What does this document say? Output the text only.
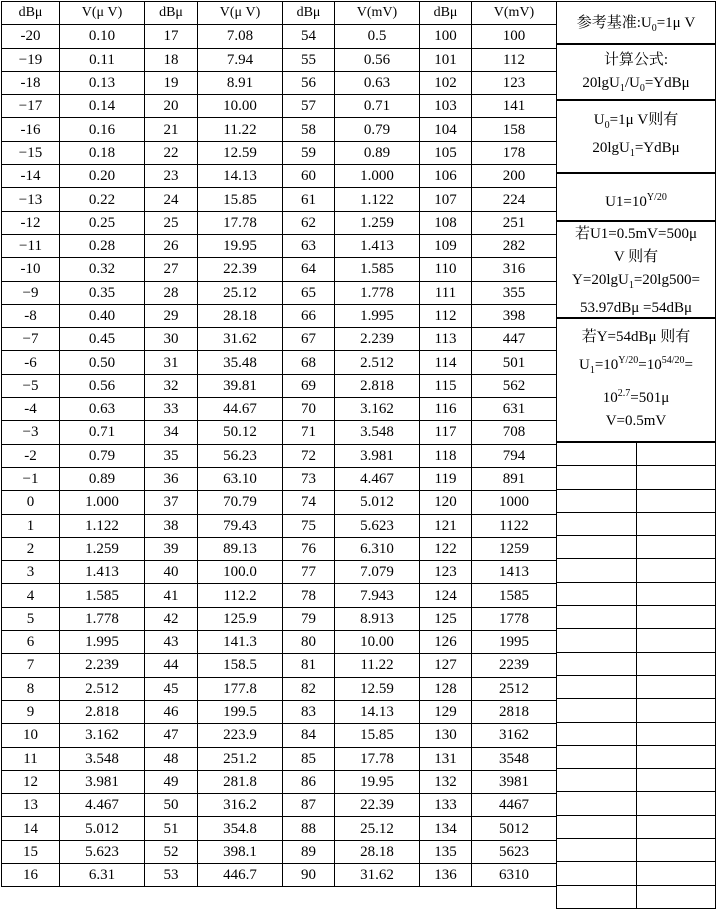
dBμ	V(μ V)	dBμ	V(μ V)	dBμ	V(mV)	dBμ	V(mV)
-20	0.10	17	7.08	54	0.5	100	100
−19	0.11	18	7.94	55	0.56	101	112
-18	0.13	19	8.91	56	0.63	102	123
−17	0.14	20	10.00	57	0.71	103	141
-16	0.16	21	11.22	58	0.79	104	158
−15	0.18	22	12.59	59	0.89	105	178
-14	0.20	23	14.13	60	1.000	106	200
−13	0.22	24	15.85	61	1.122	107	224
-12	0.25	25	17.78	62	1.259	108	251
−11	0.28	26	19.95	63	1.413	109	282
-10	0.32	27	22.39	64	1.585	110	316
−9	0.35	28	25.12	65	1.778	111	355
-8	0.40	29	28.18	66	1.995	112	398
−7	0.45	30	31.62	67	2.239	113	447
-6	0.50	31	35.48	68	2.512	114	501
−5	0.56	32	39.81	69	2.818	115	562
-4	0.63	33	44.67	70	3.162	116	631
−3	0.71	34	50.12	71	3.548	117	708
-2	0.79	35	56.23	72	3.981	118	794
−1	0.89	36	63.10	73	4.467	119	891
0	1.000	37	70.79	74	5.012	120	1000
1	1.122	38	79.43	75	5.623	121	1122
2	1.259	39	89.13	76	6.310	122	1259
3	1.413	40	100.0	77	7.079	123	1413
4	1.585	41	112.2	78	7.943	124	1585
5	1.778	42	125.9	79	8.913	125	1778
6	1.995	43	141.3	80	10.00	126	1995
7	2.239	44	158.5	81	11.22	127	2239
8	2.512	45	177.8	82	12.59	128	2512
9	2.818	46	199.5	83	14.13	129	2818
10	3.162	47	223.9	84	15.85	130	3162
11	3.548	48	251.2	85	17.78	131	3548
12	3.981	49	281.8	86	19.95	132	3981
13	4.467	50	316.2	87	22.39	133	4467
14	5.012	51	354.8	88	25.12	134	5012
15	5.623	52	398.1	89	28.18	135	5623
16	6.31	53	446.7	90	31.62	136	6310
参考基准$:U_0=1\mu$ V
计算公式:
$20\lg U_1/U_0=YdB\mu$
$U_0=1\mu$ V则有
20lgU$_1$=YdBμ
$U1=10^{Y/20}$
若U1=0.5mV=500μ
V 则有
Y=20lgU$_1$=20lg500=
53.97dBμ =54dBμ
若Y=54dBμ 则有
$U_1=10^{Y/20}=10^{54/20}=$
$10^{2.7}=501\mu$
V=0.5mV
